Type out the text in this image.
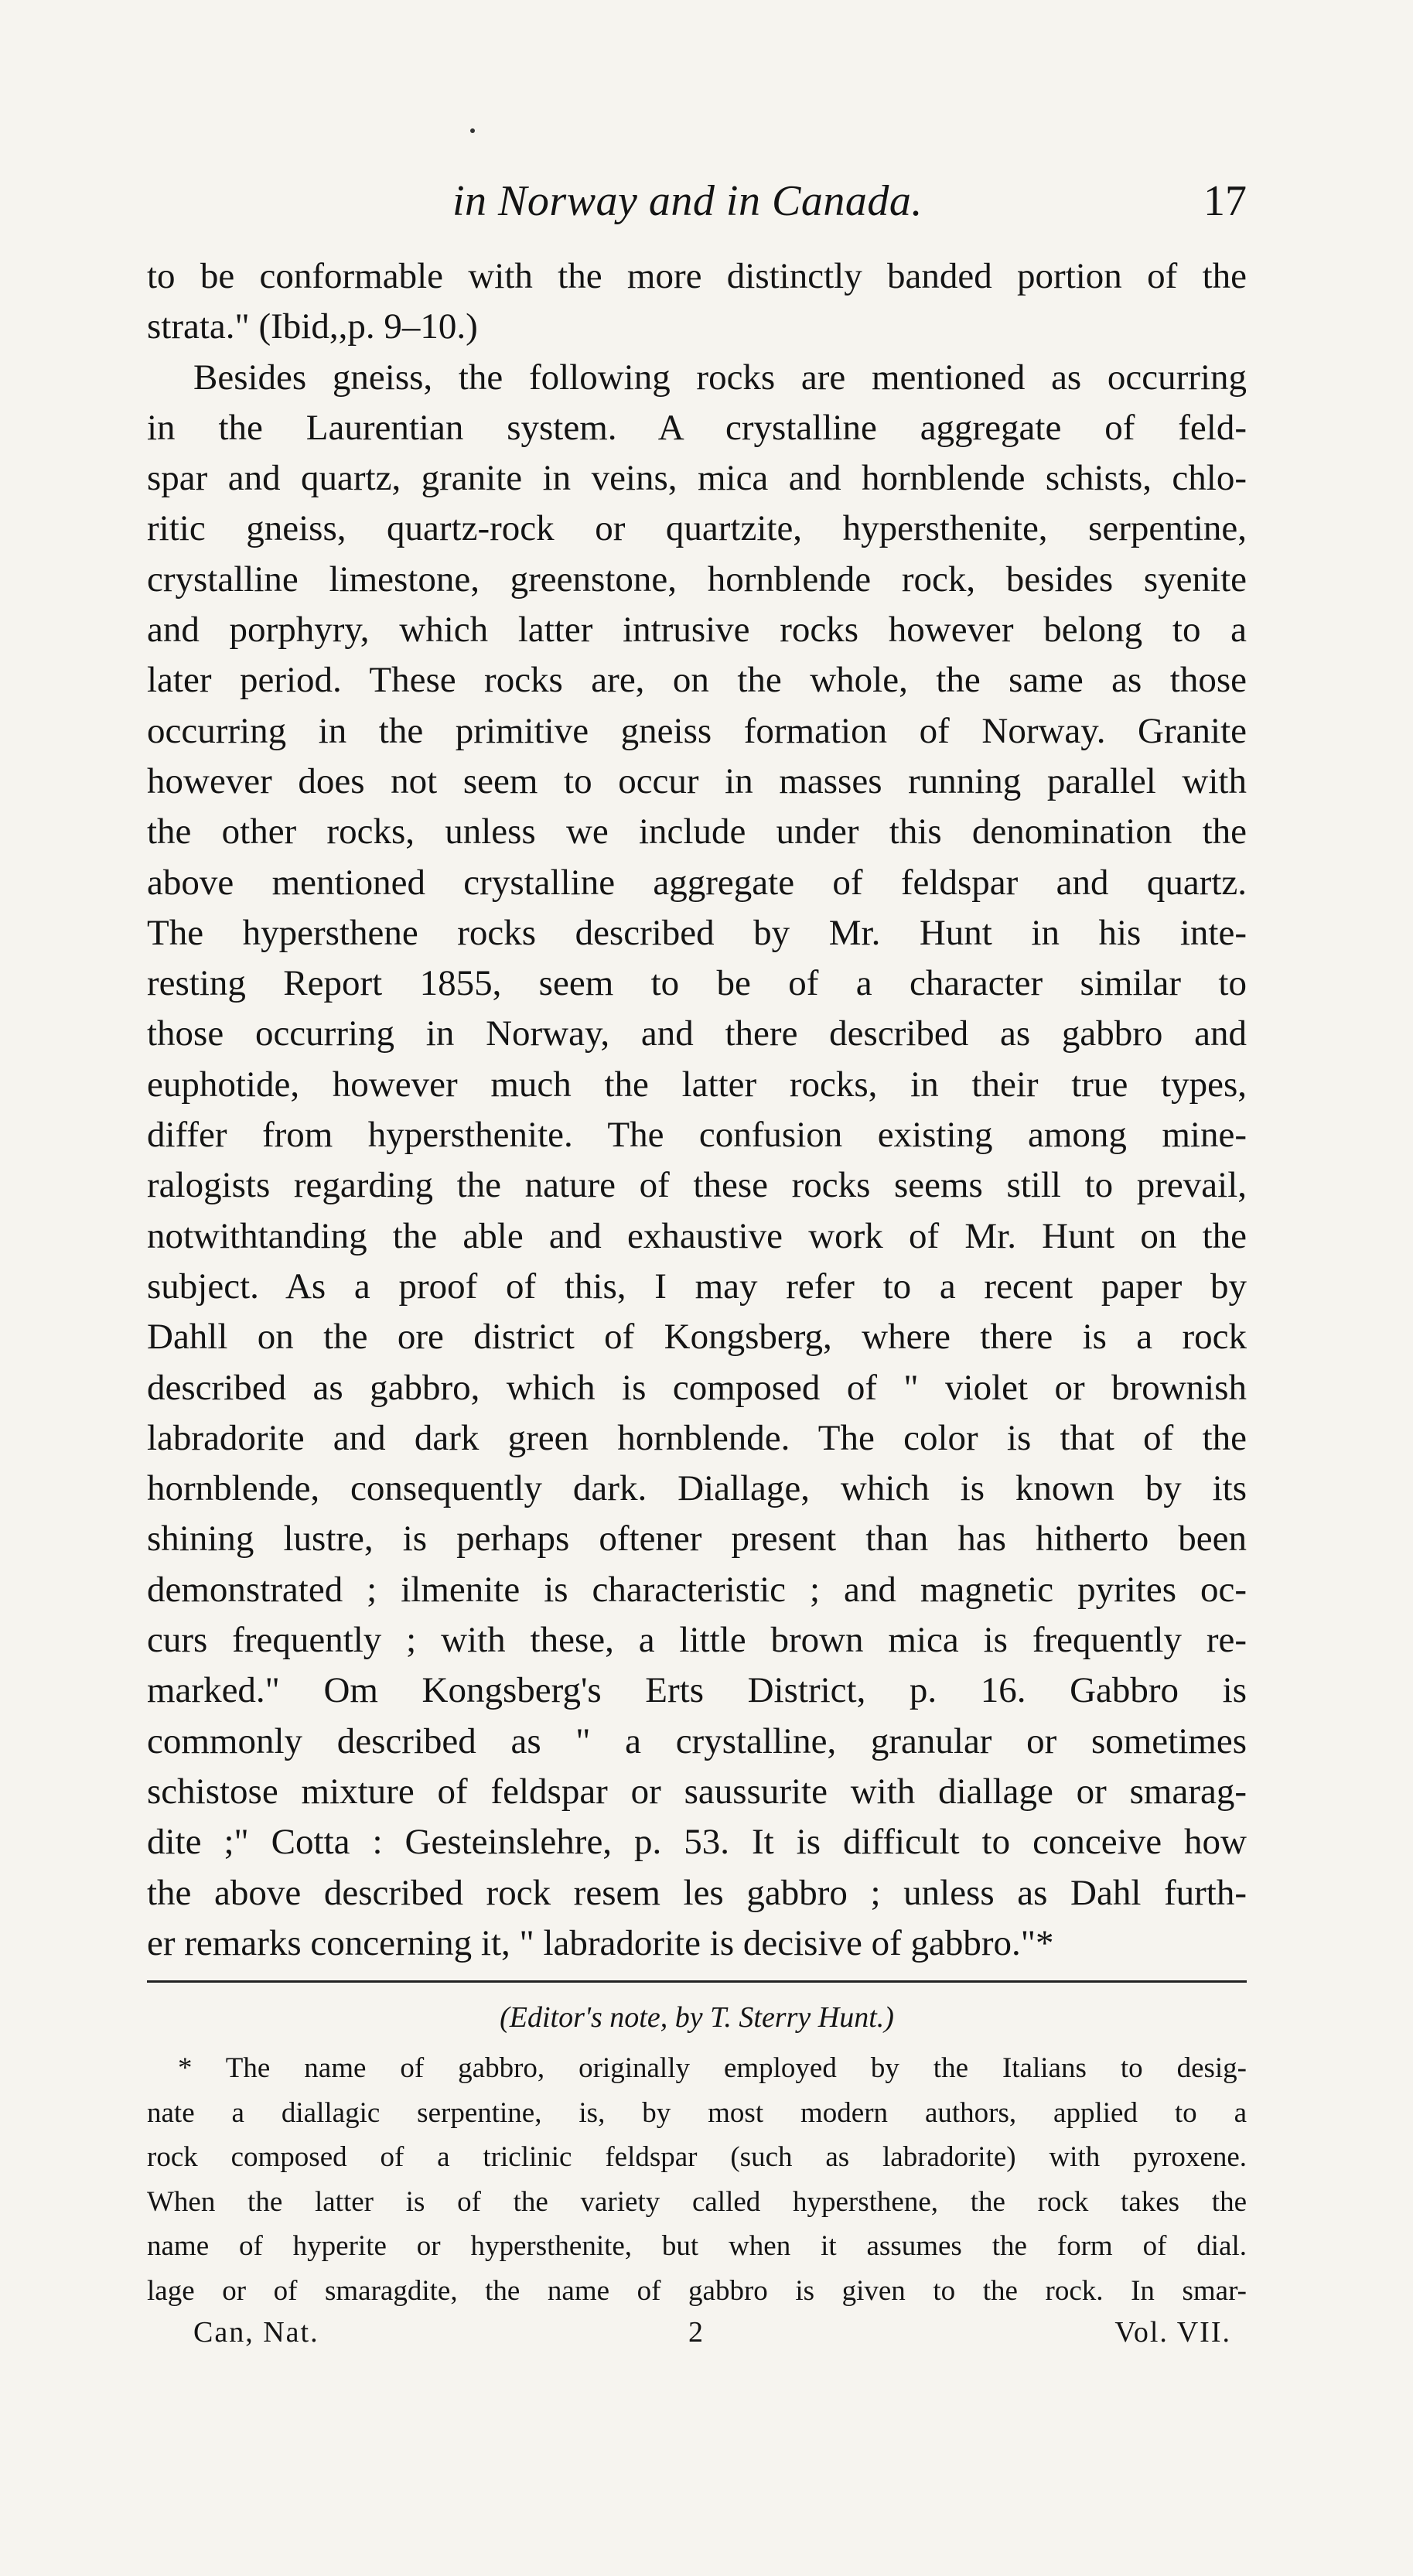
in Norway and in Canada.	17
to be conformable with the more distinctly banded portion of the
strata." (Ibid,,p. 9–10.)
Besides gneiss, the following rocks are mentioned as occurring
in the Laurentian system. A crystalline aggregate of feld-
spar and quartz, granite in veins, mica and hornblende schists, chlo-
ritic gneiss, quartz-rock or quartzite, hypersthenite, serpentine,
crystalline limestone, greenstone, hornblende rock, besides syenite
and porphyry, which latter intrusive rocks however belong to a
later period. These rocks are, on the whole, the same as those
occurring in the primitive gneiss formation of Norway. Granite
however does not seem to occur in masses running parallel with
the other rocks, unless we include under this denomination the
above mentioned crystalline aggregate of feldspar and quartz.
The hypersthene rocks described by Mr. Hunt in his inte-
resting Report 1855, seem to be of a character similar to
those occurring in Norway, and there described as gabbro and
euphotide, however much the latter rocks, in their true types,
differ from hypersthenite. The confusion existing among mine-
ralogists regarding the nature of these rocks seems still to prevail,
notwithtanding the able and exhaustive work of Mr. Hunt on the
subject. As a proof of this, I may refer to a recent paper by
Dahll on the ore district of Kongsberg, where there is a rock
described as gabbro, which is composed of " violet or brownish
labradorite and dark green hornblende. The color is that of the
hornblende, consequently dark. Diallage, which is known by its
shining lustre, is perhaps oftener present than has hitherto been
demonstrated ; ilmenite is characteristic ; and magnetic pyrites oc-
curs frequently ; with these, a little brown mica is frequently re-
marked." Om Kongsberg's Erts District, p. 16. Gabbro is
commonly described as " a crystalline, granular or sometimes
schistose mixture of feldspar or saussurite with diallage or smarag-
dite ;" Cotta : Gesteinslehre, p. 53. It is difficult to conceive how
the above described rock resem les gabbro ; unless as Dahl furth-
er remarks concerning it, " labradorite is decisive of gabbro."*
(Editor's note, by T. Sterry Hunt.)
* The name of gabbro, originally employed by the Italians to desig-
nate a diallagic serpentine, is, by most modern authors, applied to a
rock composed of a triclinic feldspar (such as labradorite) with pyroxene.
When the latter is of the variety called hypersthene, the rock takes the
name of hyperite or hypersthenite, but when it assumes the form of dial.
lage or of smaragdite, the name of gabbro is given to the rock. In smar-
Can, Nat.	2	Vol. VII.
